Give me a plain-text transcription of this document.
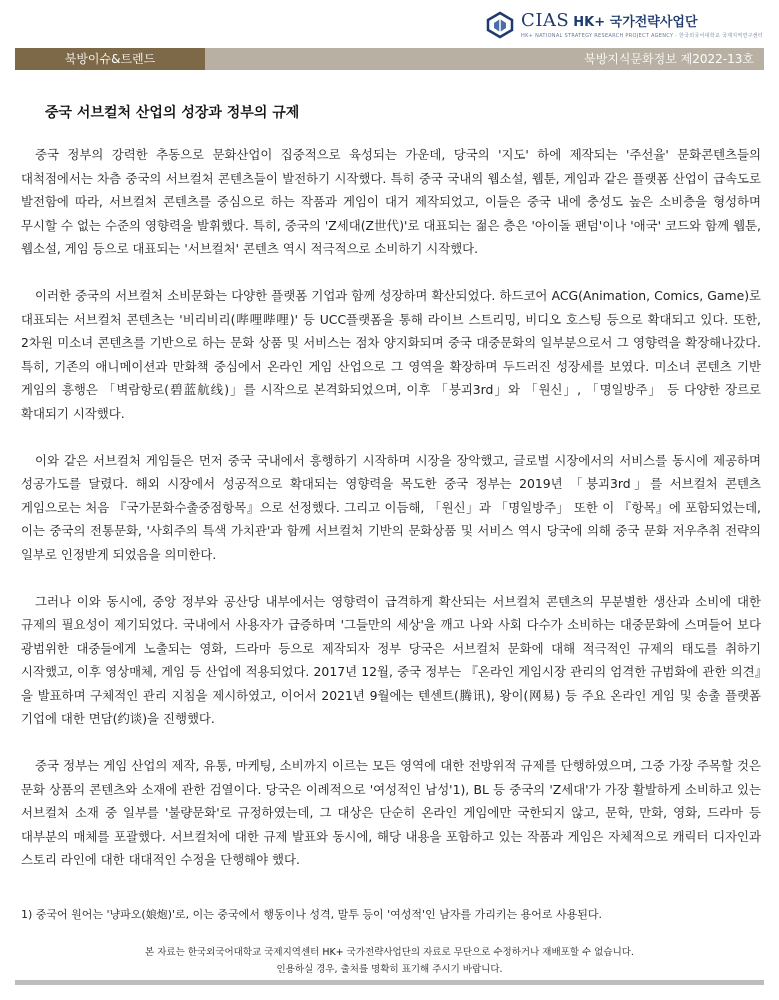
CIAS HK+ 국가전략사업단
HK+ NATIONAL STRATEGY RESEARCH PROJECT AGENCY · 한국외국어대학교 국제지역연구센터
북방이슈&트렌드	북방지식문화정보 제2022-13호
중국 서브컬처 산업의 성장과 정부의 규제

중국 정부의 강력한 추동으로 문화산업이 집중적으로 육성되는 가운데, 당국의 '지도' 하에 제작되는 '주선율' 문화콘텐츠들의 대척점에서는 차츰 중국의 서브컬처 콘텐츠들이 발전하기 시작했다. 특히 중국 국내의 웹소설, 웹툰, 게임과 같은 플랫폼 산업이 급속도로 발전함에 따라, 서브컬처 콘텐츠를 중심으로 하는 작품과 게임이 대거 제작되었고, 이들은 중국 내에 충성도 높은 소비층을 형성하며 무시할 수 없는 수준의 영향력을 발휘했다. 특히, 중국의 'Z세대(Z世代)'로 대표되는 젊은 층은 '아이돌 팬덤'이나 '애국' 코드와 함께 웹툰, 웹소설, 게임 등으로 대표되는 '서브컬처' 콘텐츠 역시 적극적으로 소비하기 시작했다.

이러한 중국의 서브컬처 소비문화는 다양한 플랫폼 기업과 함께 성장하며 확산되었다. 하드코어 ACG(Animation, Comics, Game)로 대표되는 서브컬처 콘텐츠는 '비리비리(哔哩哔哩)' 등 UCC플랫폼을 통해 라이브 스트리밍, 비디오 호스팅 등으로 확대되고 있다. 또한, 2차원 미소녀 콘텐츠를 기반으로 하는 문화 상품 및 서비스는 점차 양지화되며 중국 대중문화의 일부분으로서 그 영향력을 확장해나갔다. 특히, 기존의 애니메이션과 만화책 중심에서 온라인 게임 산업으로 그 영역을 확장하며 두드러진 성장세를 보였다. 미소녀 콘텐츠 기반 게임의 흥행은 「벽람항로(碧蓝航线)」를 시작으로 본격화되었으며, 이후 「붕괴3rd」와 「원신」, 「명일방주」 등 다양한 장르로 확대되기 시작했다.

이와 같은 서브컬처 게임들은 먼저 중국 국내에서 흥행하기 시작하며 시장을 장악했고, 글로벌 시장에서의 서비스를 동시에 제공하며 성공가도를 달렸다. 해외 시장에서 성공적으로 확대되는 영향력을 목도한 중국 정부는 2019년 「붕괴3rd」를 서브컬처 콘텐츠 게임으로는 처음 『국가문화수출중점항목』으로 선정했다. 그리고 이듬해, 「원신」과 「명일방주」 또한 이 『항목』에 포함되었는데, 이는 중국의 전통문화, '사회주의 특색 가치관'과 함께 서브컬처 기반의 문화상품 및 서비스 역시 당국에 의해 중국 문화 저우추취 전략의 일부로 인정받게 되었음을 의미한다.

그러나 이와 동시에, 중앙 정부와 공산당 내부에서는 영향력이 급격하게 확산되는 서브컬처 콘텐츠의 무분별한 생산과 소비에 대한 규제의 필요성이 제기되었다. 국내에서 사용자가 급증하며 '그들만의 세상'을 깨고 나와 사회 다수가 소비하는 대중문화에 스며들어 보다 광범위한 대중들에게 노출되는 영화, 드라마 등으로 제작되자 정부 당국은 서브컬처 문화에 대해 적극적인 규제의 태도를 취하기 시작했고, 이후 영상매체, 게임 등 산업에 적용되었다. 2017년 12월, 중국 정부는 『온라인 게임시장 관리의 엄격한 규범화에 관한 의견』을 발표하며 구체적인 관리 지침을 제시하였고, 이어서 2021년 9월에는 텐센트(腾讯), 왕이(网易) 등 주요 온라인 게임 및 송출 플랫폼 기업에 대한 면담(约谈)을 진행했다.

중국 정부는 게임 산업의 제작, 유통, 마케팅, 소비까지 이르는 모든 영역에 대한 전방위적 규제를 단행하였으며, 그중 가장 주목할 것은 문화 상품의 콘텐츠와 소재에 관한 검열이다. 당국은 이례적으로 '여성적인 남성'1), BL 등 중국의 'Z세대'가 가장 활발하게 소비하고 있는 서브컬처 소재 중 일부를 '불량문화'로 규정하였는데, 그 대상은 단순히 온라인 게임에만 국한되지 않고, 문학, 만화, 영화, 드라마 등 대부분의 매체를 포괄했다. 서브컬처에 대한 규제 발표와 동시에, 해당 내용을 포함하고 있는 작품과 게임은 자체적으로 캐릭터 디자인과 스토리 라인에 대한 대대적인 수정을 단행해야 했다.

1) 중국어 원어는 '냥파오(娘炮)'로, 이는 중국에서 행동이나 성격, 말투 등이 '여성적'인 남자를 가리키는 용어로 사용된다.
본 자료는 한국외국어대학교 국제지역센터 HK+ 국가전략사업단의 자료로 무단으로 수정하거나 재배포할 수 없습니다.
인용하실 경우, 출처를 명확히 표기해 주시기 바랍니다.
